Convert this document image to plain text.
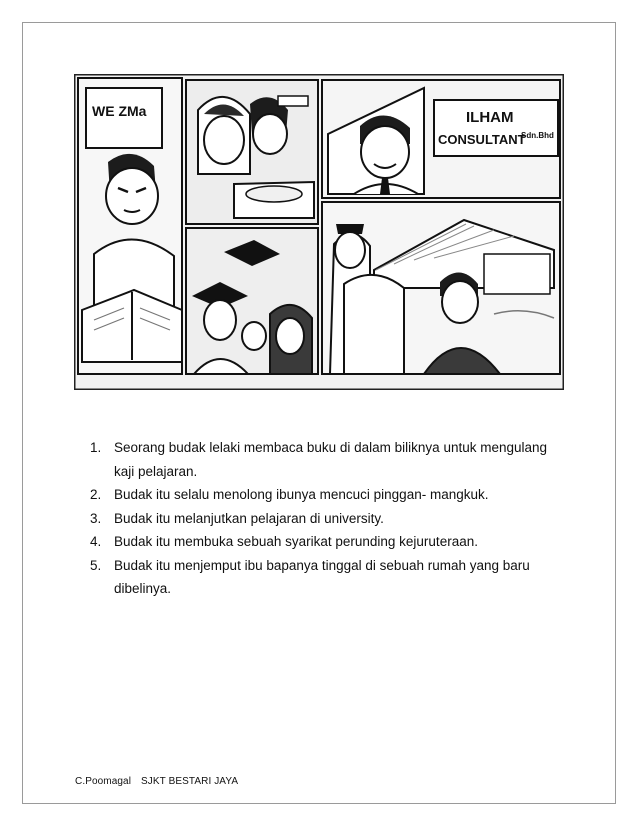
WE ZMa	ILHAM
CONSULTANT
Sdn.Bhd
1. Seorang budak lelaki membaca buku di dalam biliknya untuk mengulang kaji pelajaran.
2. Budak itu selalu menolong ibunya mencuci pinggan- mangkuk.
3. Budak itu melanjutkan pelajaran di university.
4. Budak itu membuka sebuah syarikat perunding kejuruteraan.
5. Budak itu menjemput ibu bapanya tinggal di sebuah rumah yang baru dibelinya.
C.Poomagal SJKT BESTARI JAYA
